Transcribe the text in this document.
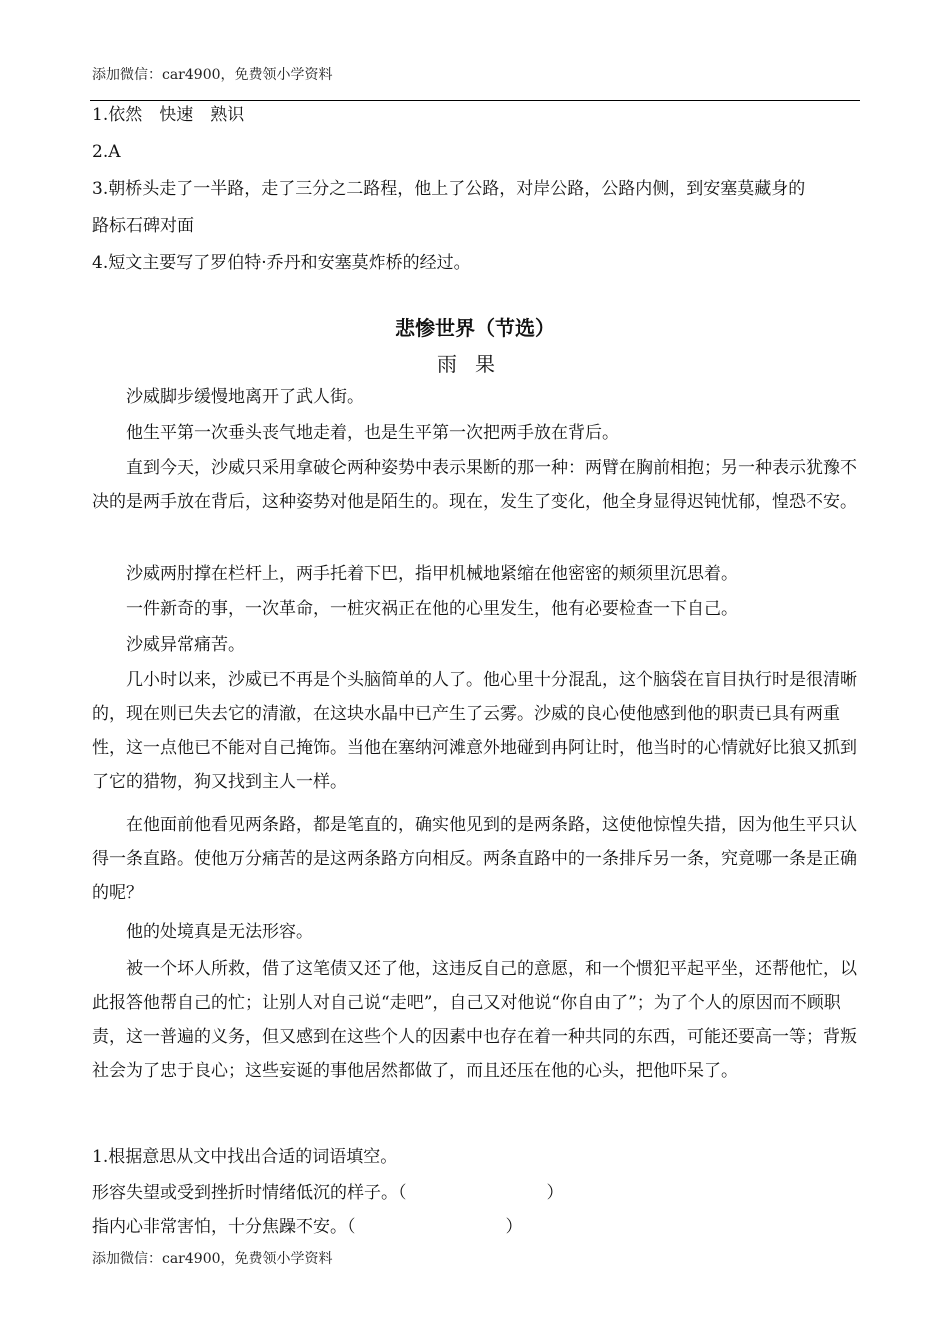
添加微信：car4900，免费领小学资料
1.依然　快速　熟识
2.A
3.朝桥头走了一半路，走了三分之二路程，他上了公路，对岸公路，公路内侧，到安塞莫藏身的
路标石碑对面
4.短文主要写了罗伯特·乔丹和安塞莫炸桥的经过。
悲惨世界（节选）
雨果
沙威脚步缓慢地离开了武人街。
他生平第一次垂头丧气地走着，也是生平第一次把两手放在背后。
直到今天，沙威只采用拿破仑两种姿势中表示果断的那一种：两臂在胸前相抱；另一种表示犹豫不决的是两手放在背后，这种姿势对他是陌生的。现在，发生了变化，他全身显得迟钝忧郁，惶恐不安。
沙威两肘撑在栏杆上，两手托着下巴，指甲机械地紧缩在他密密的颊须里沉思着。
一件新奇的事，一次革命，一桩灾祸正在他的心里发生，他有必要检查一下自己。
沙威异常痛苦。
几小时以来，沙威已不再是个头脑简单的人了。他心里十分混乱，这个脑袋在盲目执行时是很清晰的，现在则已失去它的清澈，在这块水晶中已产生了云雾。沙威的良心使他感到他的职责已具有两重性，这一点他已不能对自己掩饰。当他在塞纳河滩意外地碰到冉阿让时，他当时的心情就好比狼又抓到了它的猎物，狗又找到主人一样。
在他面前他看见两条路，都是笔直的，确实他见到的是两条路，这使他惊惶失措，因为他生平只认得一条直路。使他万分痛苦的是这两条路方向相反。两条直路中的一条排斥另一条，究竟哪一条是正确的呢？
他的处境真是无法形容。
被一个坏人所救，借了这笔债又还了他，这违反自己的意愿，和一个惯犯平起平坐，还帮他忙，以此报答他帮自己的忙；让别人对自己说“走吧”，自己又对他说“你自由了”；为了个人的原因而不顾职责，这一普遍的义务，但又感到在这些个人的因素中也存在着一种共同的东西，可能还要高一等；背叛社会为了忠于良心；这些妄诞的事他居然都做了，而且还压在他的心头，把他吓呆了。
1.根据意思从文中找出合适的词语填空。
形容失望或受到挫折时情绪低沉的样子。（	）
指内心非常害怕，十分焦躁不安。（	）
添加微信：car4900，免费领小学资料
